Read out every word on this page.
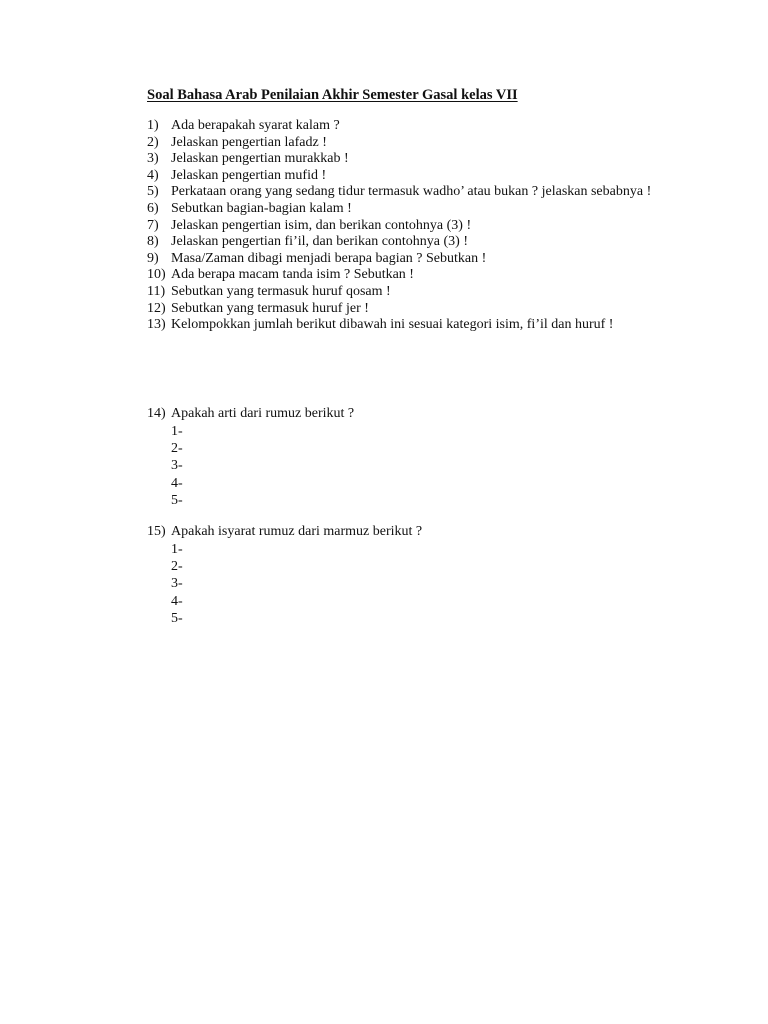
Soal Bahasa Arab Penilaian Akhir Semester Gasal kelas VII
1) Ada berapakah syarat kalam ?
2) Jelaskan pengertian lafadz !
3) Jelaskan pengertian murakkab !
4) Jelaskan pengertian mufid !
5) Perkataan orang yang sedang tidur termasuk wadho’ atau bukan ? jelaskan sebabnya !
6) Sebutkan bagian-bagian kalam !
7) Jelaskan pengertian isim, dan berikan contohnya (3) !
8) Jelaskan pengertian fi’il, dan berikan contohnya (3) !
9) Masa/Zaman dibagi menjadi berapa bagian ? Sebutkan !
10) Ada berapa macam tanda isim ? Sebutkan !
11) Sebutkan yang termasuk huruf qosam !
12) Sebutkan yang termasuk huruf jer !
13) Kelompokkan jumlah berikut dibawah ini sesuai kategori isim, fi’il dan huruf !
14) Apakah arti dari rumuz berikut ?
1-
2-
3-
4-
5-
15) Apakah isyarat rumuz dari marmuz berikut ?
1-
2-
3-
4-
5-
